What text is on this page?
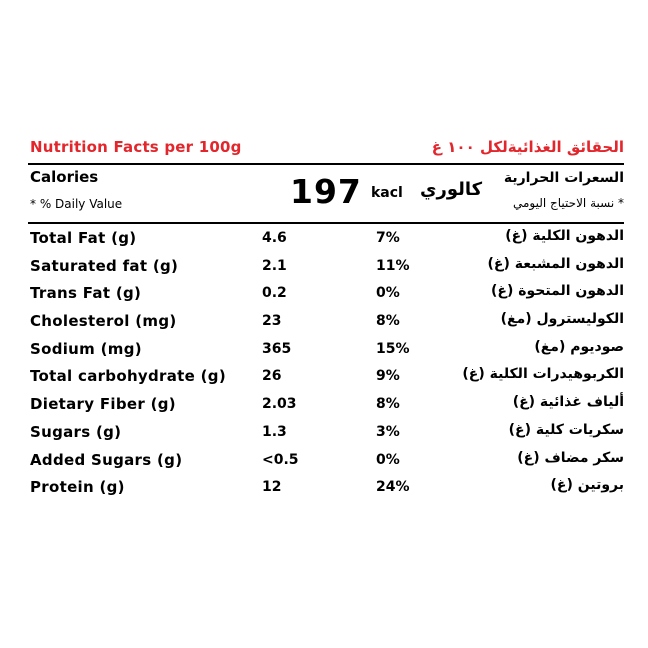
Nutrition Facts per 100g	الحقائق الغذائيةلكل ١٠٠ غ
Calories
* % Daily Value	197 kacl كالوري
السعرات الحرارية
* نسبة الاحتياج اليومي
Total Fat (g)	4.6	7%	الدهون الكلية (غ)
Saturated fat (g)	2.1	11%	الدهون المشبعة (غ)
Trans Fat (g)	0.2	0%	الدهون المتحوة (غ)
Cholesterol (mg)	23	8%	الكوليسترول (مغ)
Sodium (mg)	365	15%	صوديوم (مغ)
Total carbohydrate (g)	26	9%	الكربوهيدرات الكلية (غ)
Dietary Fiber (g)	2.03	8%	ألياف غذائية (غ)
Sugars (g)	1.3	3%	سكريات كلية (غ)
Added Sugars (g)	<0.5	0%	سكر مضاف (غ)
Protein (g)	12	24%	بروتين (غ)
